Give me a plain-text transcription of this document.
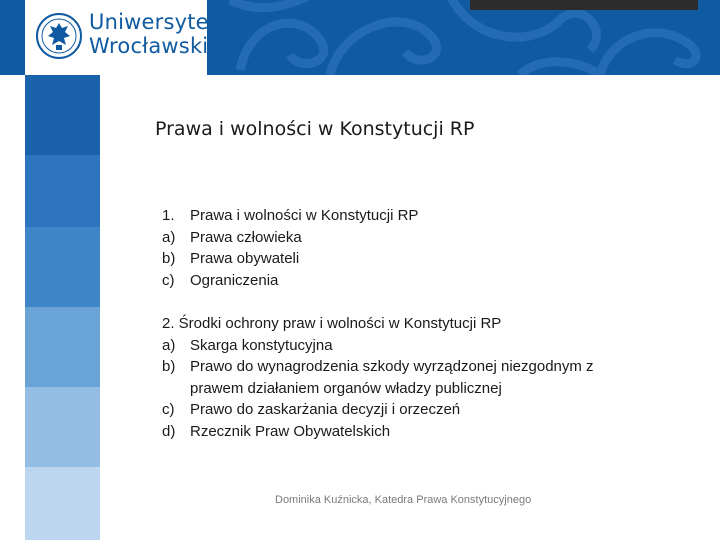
Uniwersytet
Wrocławski
Prawa i wolności w Konstytucji RP
1.	Prawa i wolności w Konstytucji RP
a) Prawa człowieka
b) Prawa obywateli
c)	Ograniczenia
2. Środki ochrony praw i wolności w Konstytucji RP
a) Skarga konstytucyjna
b) Prawo do wynagrodzenia szkody wyrządzonej niezgodnym z prawem działaniem organów władzy publicznej
c)	Prawo do zaskarżania decyzji i orzeczeń
d) Rzecznik Praw Obywatelskich
Dominika Kuźnicka, Katedra Prawa Konstytucyjnego
